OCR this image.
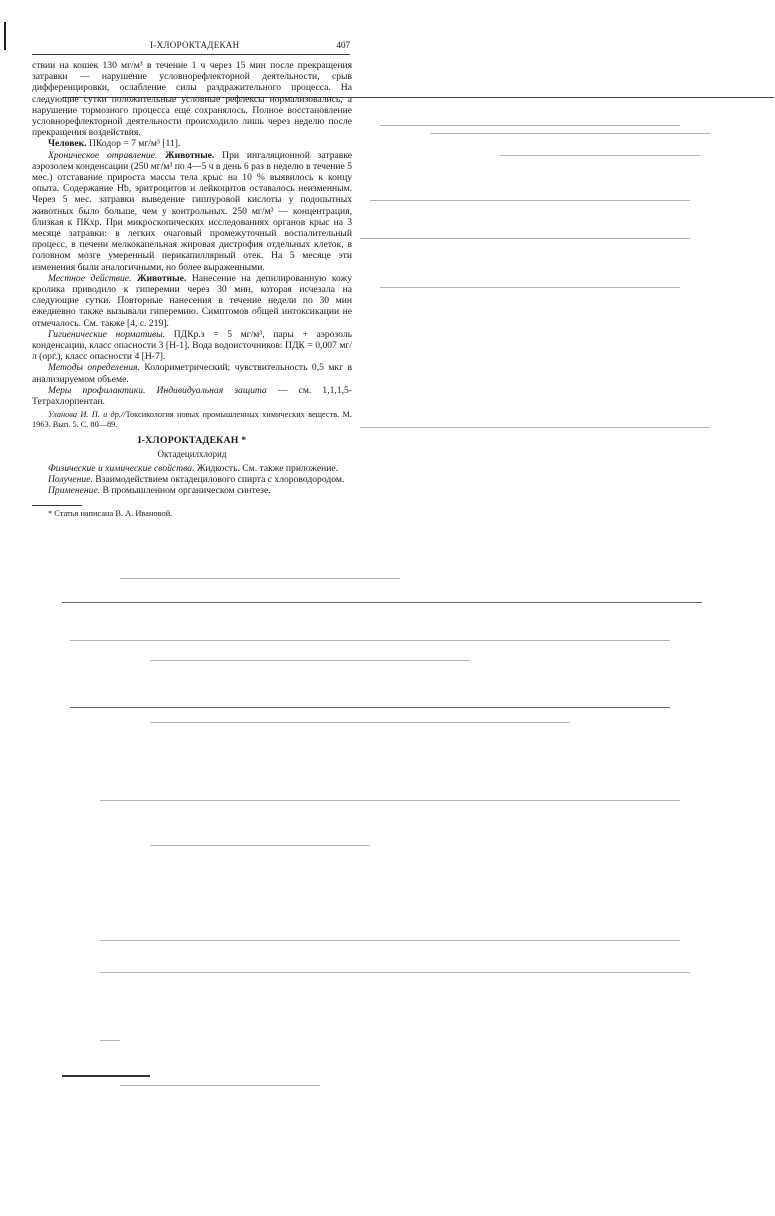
I-ХЛОРОКТАДЕКАН	407

ствии на кошек 130 мг/м³ в течение 1 ч через 15 мин после прекращения затравки — нарушение условнорефлекторной деятельности, срыв дифференцировки, ослабление силы раздражительного процесса. На следующие сутки положительные условные рефлексы нормализовались, а нарушение тормозного процесса еще сохранялось. Полное восстановление условнорефлекторной деятельности происходило лишь через неделю после прекращения воздействия.

Человек. ПКодор = 7 мг/м³ [11].

Хроническое отравление. Животные. При ингаляционной затравке аэрозолем конденсации (250 мг/м³ по 4—5 ч в день 6 раз в неделю в течение 5 мес.) отставание прироста массы тела крыс на 10 % выявилось к концу опыта. Содержание Hb, эритроцитов и лейкоцитов оставалось неизменным. Через 5 мес. затравки выведение гиппуровой кислоты у подопытных животных было больше, чем у контрольных. 250 мг/м³ — концентрация, близкая к ПКхр. При микроскопических исследованиях органов крыс на 3 месяце затравки: в легких очаговый промежуточный воспалительный процесс, в печени мелкокапельная жировая дистрофия отдельных клеток, в головном мозге умеренный перикапиллярный отек. На 5 месяце эти изменения были аналогичными, но более выраженными.

Местное действие. Животные. Нанесение на депилированную кожу кролика приводило к гиперемии через 30 мин, которая исчезала на следующие сутки. Повторные нанесения в течение недели по 30 мин ежедневно также вызывали гиперемию. Симптомов общей интоксикации не отмечалось. См. также [4, с. 219].

Гигиенические нормативы. ПДКр.з = 5 мг/м³, пары + аэрозоль конденсации, класс опасности 3 [Н-1]. Вода водоисточников: ПДК = 0,007 мг/л (орг.), класс опасности 4 [Н-7].

Методы определения. Колориметрический; чувствительность 0,5 мкг в анализируемом объеме.

Меры профилактики. Индивидуальная защита — см. 1,1,1,5-Тетрахлорпентан.

Уланова И. П. и др.//Токсикология новых промышленных химических веществ. М. 1963. Вып. 5. С. 80—89.

I-ХЛОРОКТАДЕКАН *

Октадецилхлорид

Физические и химические свойства. Жидкость. См. также приложение.

Получение. Взаимодействием октадецилового спирта с хлороводородом.

Применение. В промышленном органическом синтезе.

* Статья написана В. А. Ивановой.
